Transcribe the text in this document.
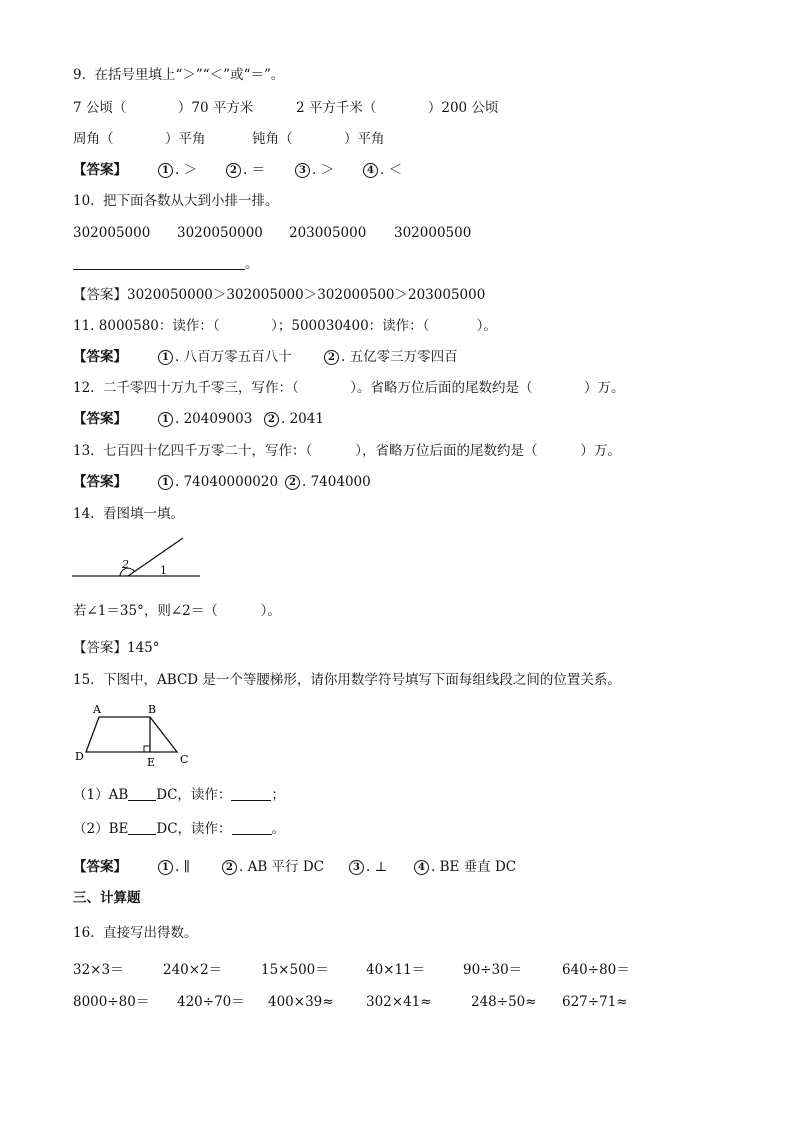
9.  在括号里填上“＞”“＜”或“＝”。
7 公顷（            ）70 平方米	2 平方千米（            ）200 公顷
周角（            ）平角	钝角（            ）平角
【答案】	1 . ＞	2 . ＝	3 . ＞	4 . ＜
10.  把下面各数从大到小排一排。
302005000 3020050000 203005000 302000500
。
【答案】3020050000＞302005000＞302000500＞203005000
11. 8000580：读作：（            ）；500030400：读作：（           ）。
【答案】	1 . 八百万零五百八十	2 . 五亿零三万零四百
12.  二千零四十万九千零三，写作：（            ）。省略万位后面的尾数约是（            ）万。
【答案】	1 . 20409003	2 . 2041
13.  七百四十亿四千万零二十，写作：（          ），省略万位后面的尾数约是（          ）万。
【答案】	1 . 74040000020	2 . 7404000
14.  看图填一填。
2	1
若∠1＝35°，则∠2＝（          ）。
【答案】145°
15.  下图中，ABCD 是一个等腰梯形，请你用数学符号填写下面每组线段之间的位置关系。
A	B
C
D	E
（1）AB DC，读作：	；
（2）BE DC，读作：	。
【答案】	1 . ∥	2 . AB 平行 DC	3 . ⊥	4 . BE 垂直 DC
三、计算题
16.  直接写出得数。
32×3＝	240×2＝	15×500＝	40×11＝	90÷30＝	640÷80＝
8000÷80＝ 420÷70＝ 400×39≈ 302×41≈	248÷50≈ 627÷71≈
